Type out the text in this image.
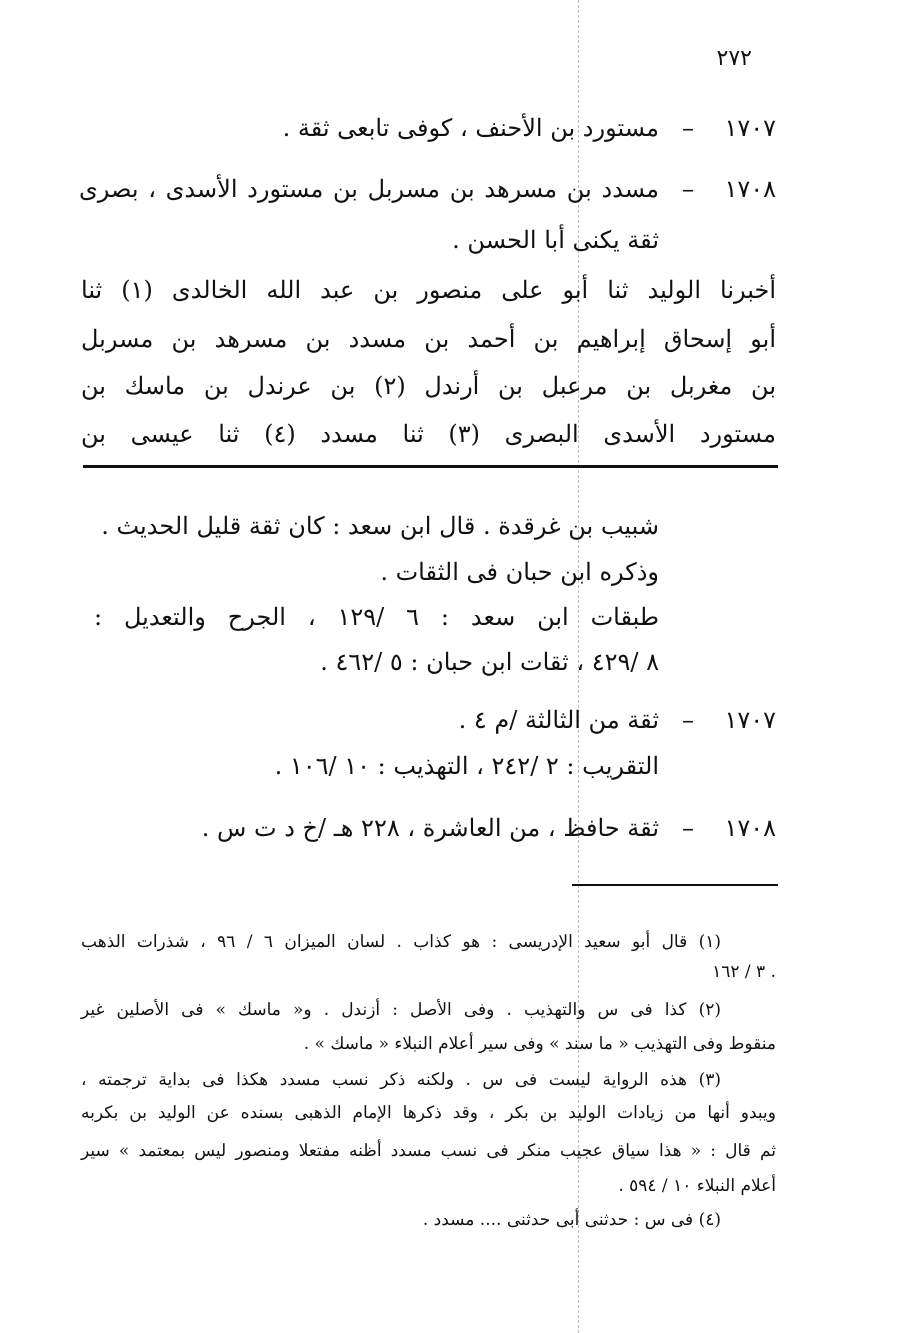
٢٧٢
١٧٠٧
–
مستورد بن الأحنف ، كوفى تابعى ثقة .
١٧٠٨
–
مسدد بن مسرهد بن مسربل بن مستورد الأسدى ، بصرى
ثقة يكنى أبا الحسن .
أخبرنا الوليد ثنا أبو على منصور بن عبد الله الخالدى (١) ثنا
أبو إسحاق إبراهيم بن أحمد بن مسدد بن مسرهد بن مسربل
بن مغربل بن مرعبل بن أرندل (٢) بن عرندل بن ماسك بن
مستورد الأسدى البصرى (٣) ثنا مسدد (٤) ثنا عيسى بن
شبيب بن غرقدة . قال ابن سعد : كان ثقة قليل الحديث .
وذكره ابن حبان فى الثقات .
طبقات ابن سعد : ٦ /١٢٩ ، الجرح والتعديل :
٨ /٤٢٩ ، ثقات ابن حبان : ٥ /٤٦٢ .
١٧٠٧
–
ثقة من الثالثة /م ٤ .
التقريب : ٢ /٢٤٢ ، التهذيب : ١٠ /١٠٦ .
١٧٠٨
–
ثقة حافظ ، من العاشرة ، ٢٢٨ هـ /خ د ت س .
(١) قال أبو سعيد الإدريسى : هو كذاب . لسان الميزان ٦ / ٩٦ ، شذرات الذهب
٣ / ١٦٢ .
(٢) كذا فى س والتهذيب . وفى الأصل : أزندل . و« ماسك » فى الأصلين غير
منقوط وفى التهذيب « ما سند » وفى سير أعلام النبلاء « ماسك » .
(٣) هذه الرواية ليست فى س . ولكنه ذكر نسب مسدد هكذا فى بداية ترجمته ،
ويبدو أنها من زيادات الوليد بن بكر ، وقد ذكرها الإمام الذهبى بسنده عن الوليد بن بكربه
ثم قال : « هذا سياق عجيب منكر فى نسب مسدد أظنه مفتعلا ومنصور ليس بمعتمد » سير
أعلام النبلاء ١٠ / ٥٩٤ .
(٤) فى س : حدثنى أبى حدثنى .... مسدد .
